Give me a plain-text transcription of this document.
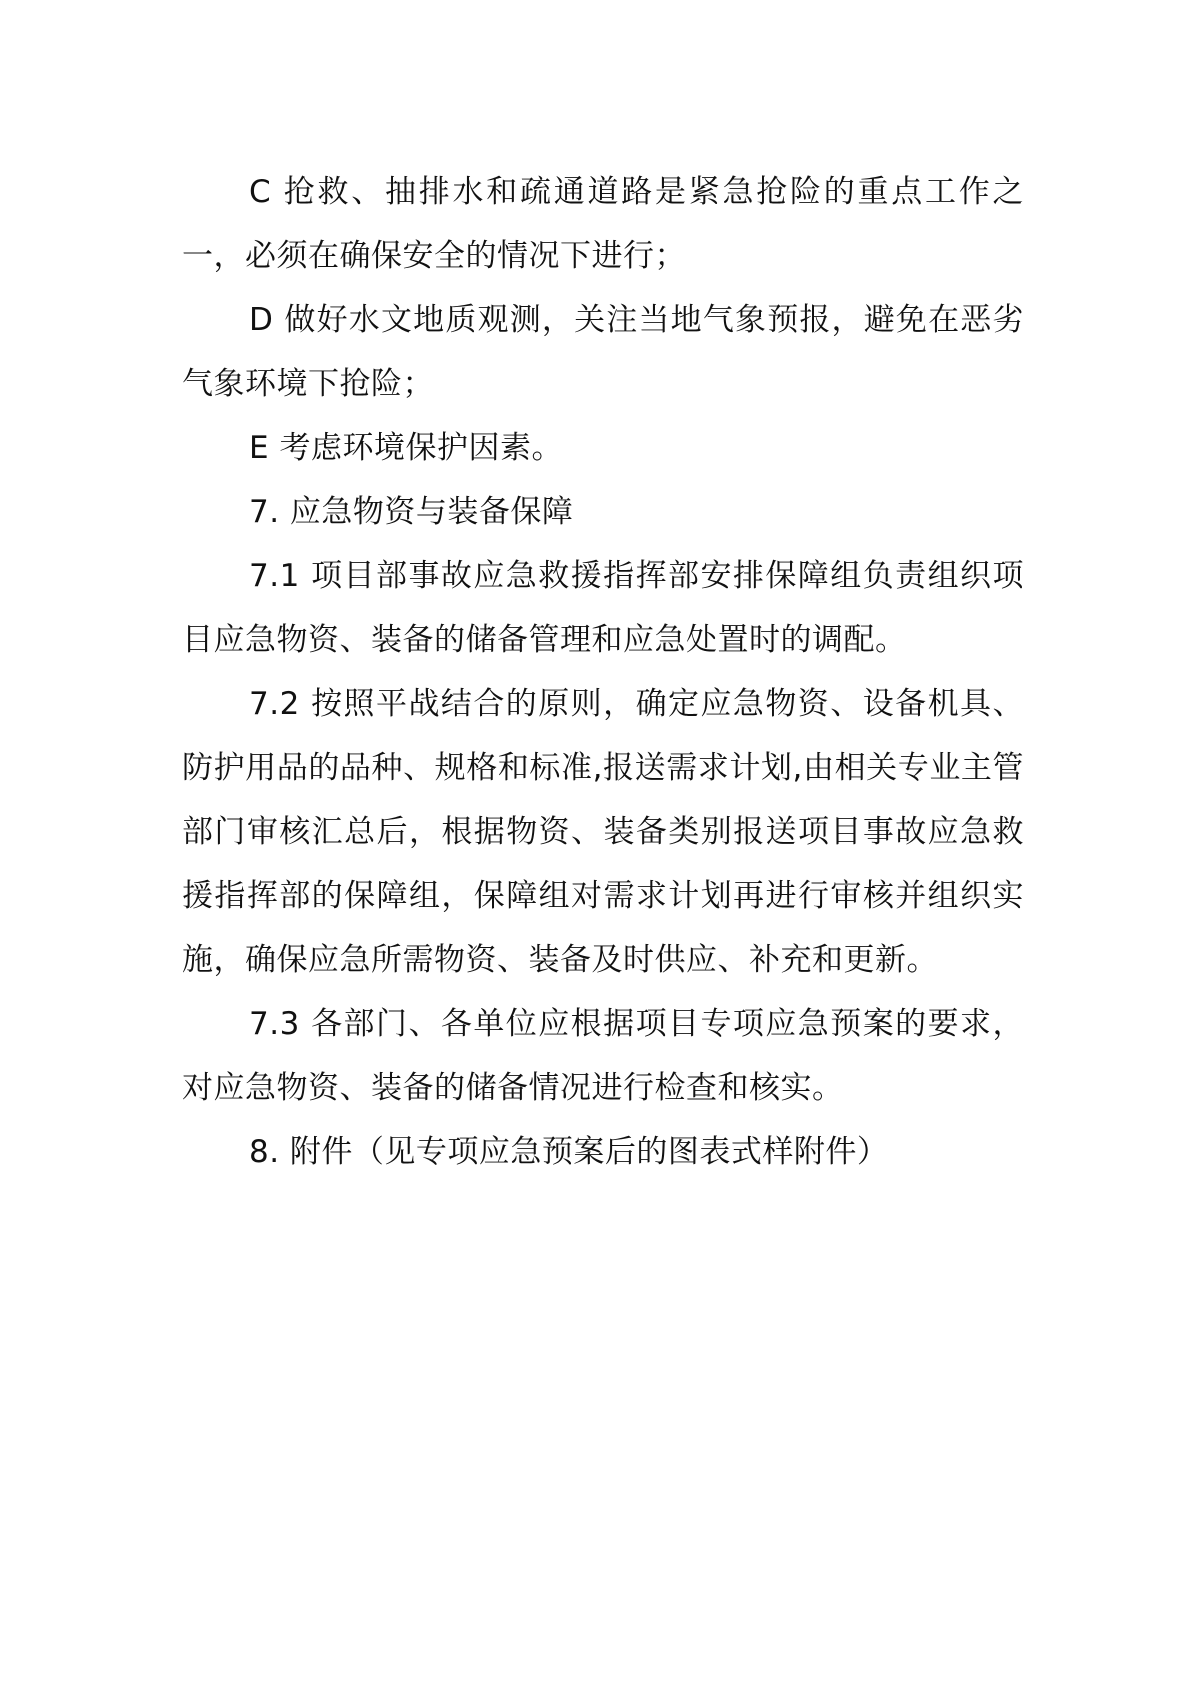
C 抢救、抽排水和疏通道路是紧急抢险的重点工作之一，必须在确保安全的情况下进行；

D 做好水文地质观测，关注当地气象预报，避免在恶劣气象环境下抢险；

E 考虑环境保护因素。

7. 应急物资与装备保障

7.1 项目部事故应急救援指挥部安排保障组负责组织项目应急物资、装备的储备管理和应急处置时的调配。

7.2 按照平战结合的原则，确定应急物资、设备机具、防护用品的品种、规格和标准,报送需求计划,由相关专业主管部门审核汇总后，根据物资、装备类别报送项目事故应急救援指挥部的保障组，保障组对需求计划再进行审核并组织实施，确保应急所需物资、装备及时供应、补充和更新。

7.3 各部门、各单位应根据项目专项应急预案的要求，对应急物资、装备的储备情况进行检查和核实。

8. 附件（见专项应急预案后的图表式样附件）
